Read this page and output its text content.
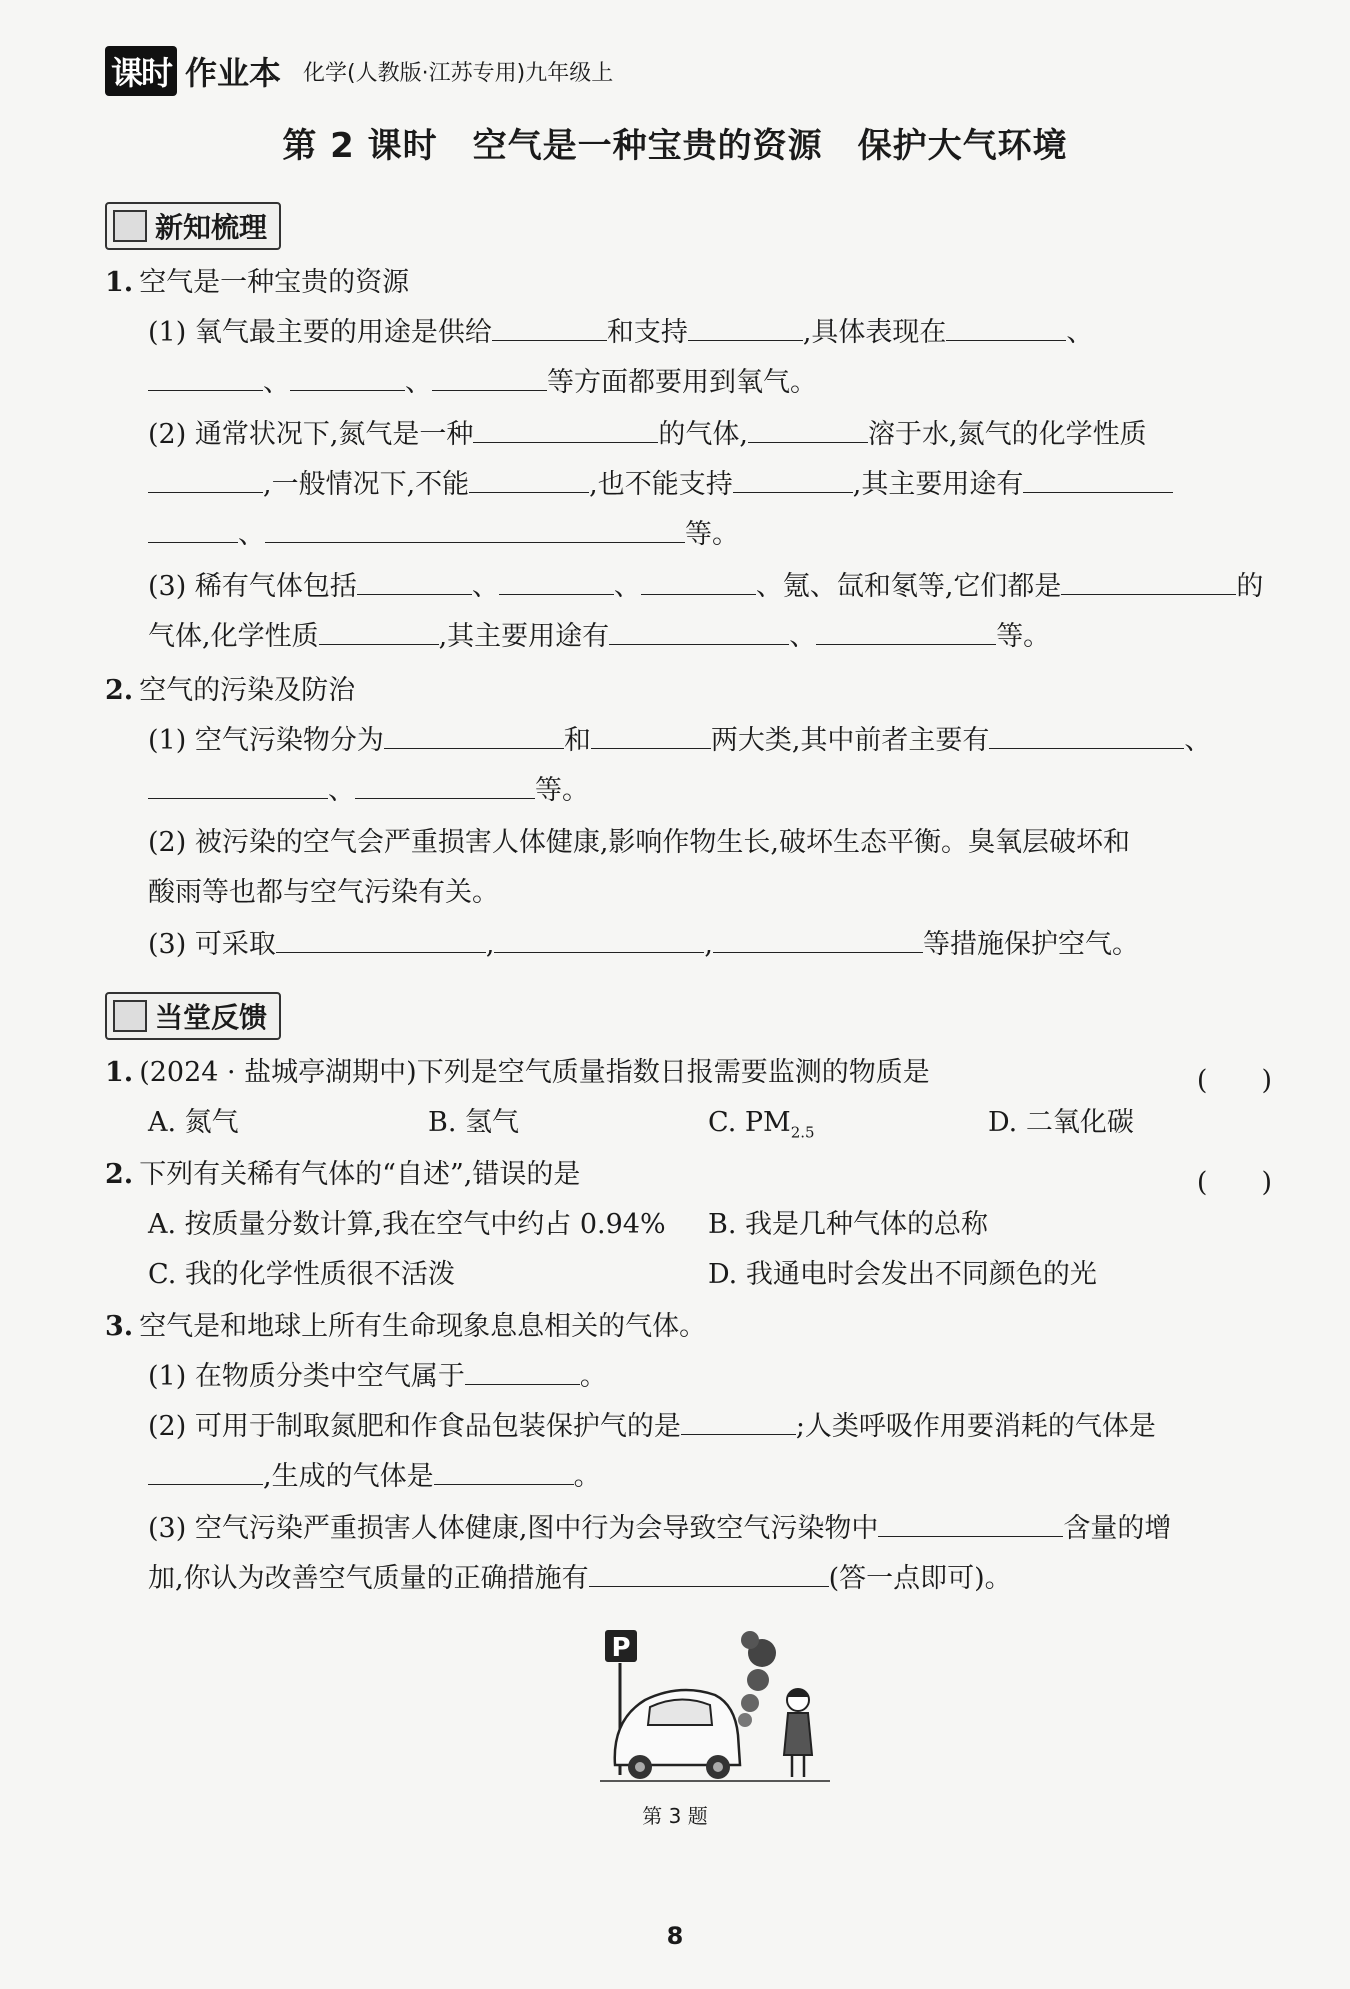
课时 作业本 化学(人教版·江苏专用)九年级上
第 2 课时　空气是一种宝贵的资源　保护大气环境
新知梳理
1. 空气是一种宝贵的资源
(1) 氧气最主要的用途是供给	和支持	,具体表现在	、
、	、	等方面都要用到氧气。
(2) 通常状况下,氮气是一种	的气体,	溶于水,氮气的化学性质
,一般情况下,不能	,也不能支持	,其主要用途有
、	等。
(3) 稀有气体包括	、	、	、氪、氙和氡等,它们都是	的
气体,化学性质	,其主要用途有	、	等。
2. 空气的污染及防治
(1) 空气污染物分为	和	两大类,其中前者主要有	、
、	等。
(2) 被污染的空气会严重损害人体健康,影响作物生长,破坏生态平衡。臭氧层破坏和
酸雨等也都与空气污染有关。
(3) 可采取	,	,	等措施保护空气。
当堂反馈
1. (2024 · 盐城亭湖期中)下列是空气质量指数日报需要监测的物质是	(　　)
A. 氮气	B. 氢气	C. $PM_{2.5}$	D. 二氧化碳
2. 下列有关稀有气体的“自述”,错误的是	(　　)
A. 按质量分数计算,我在空气中约占 0.94% B. 我是几种气体的总称
C. 我的化学性质很不活泼	D. 我通电时会发出不同颜色的光
3. 空气是和地球上所有生命现象息息相关的气体。
(1) 在物质分类中空气属于	。
(2) 可用于制取氮肥和作食品包装保护气的是	;人类呼吸作用要消耗的气体是
,生成的气体是	。
(3) 空气污染严重损害人体健康,图中行为会导致空气污染物中	含量的增
加,你认为改善空气质量的正确措施有	(答一点即可)。
P
第 3 题
8
